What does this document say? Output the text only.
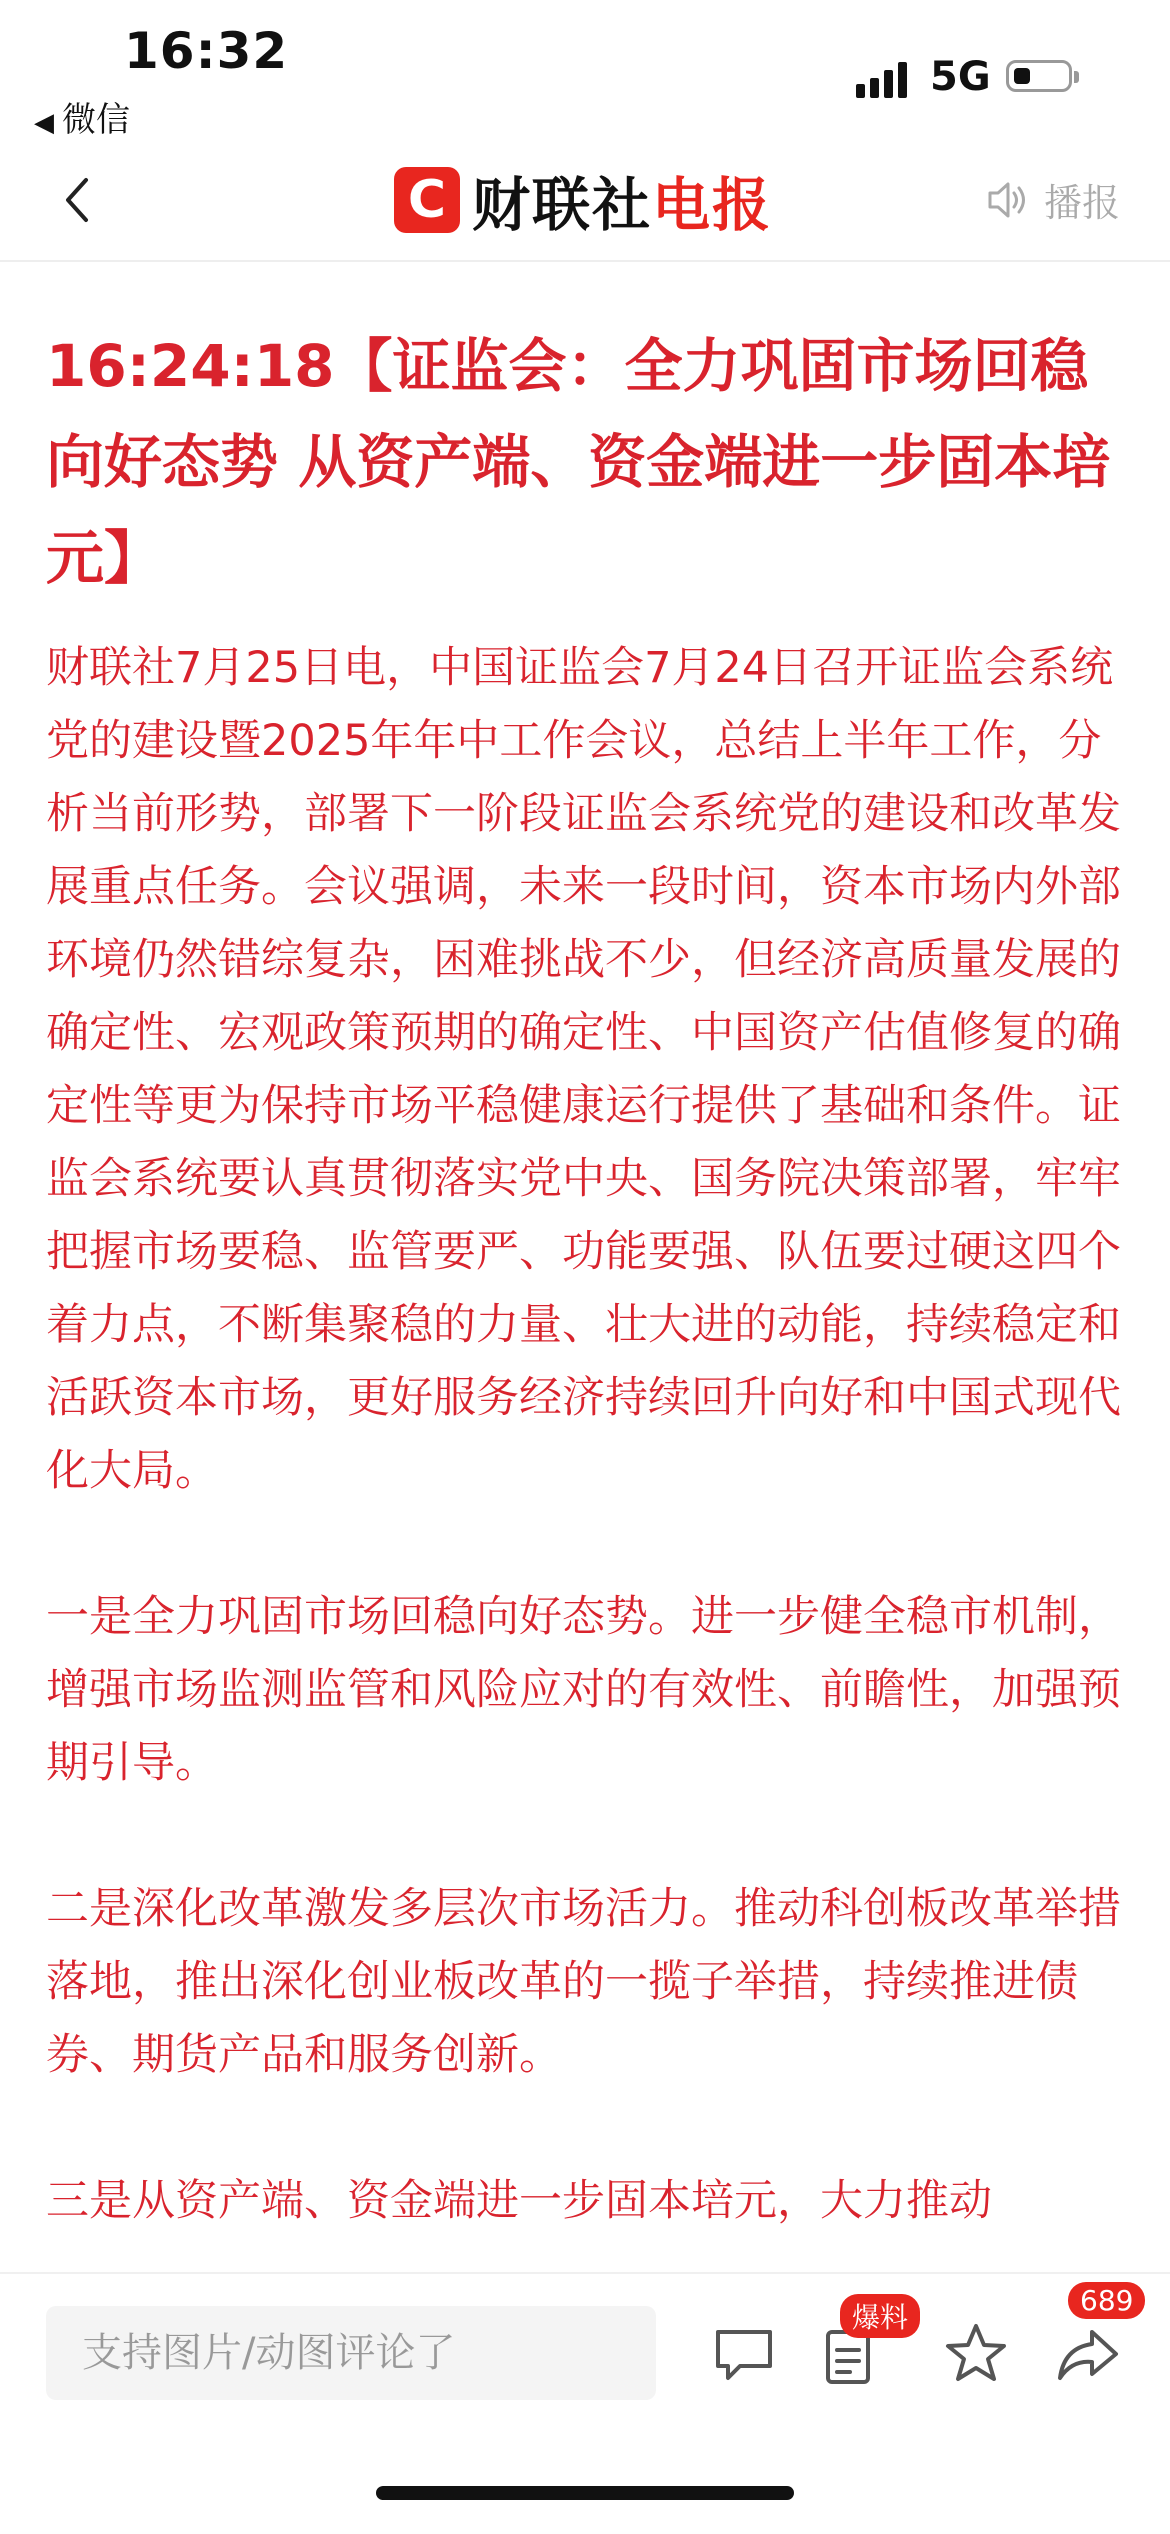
16:32
◀ 微信
5G
C 财联社 电报	播报
16:24:18【证监会：全力巩固市场回稳向好态势 从资产端、资金端进一步固本培元】

财联社7月25日电，中国证监会7月24日召开证监会系统党的建设暨2025年年中工作会议，总结上半年工作，分析当前形势，部署下一阶段证监会系统党的建设和改革发展重点任务。会议强调，未来一段时间，资本市场内外部环境仍然错综复杂，困难挑战不少，但经济高质量发展的确定性、宏观政策预期的确定性、中国资产估值修复的确定性等更为保持市场平稳健康运行提供了基础和条件。证监会系统要认真贯彻落实党中央、国务院决策部署，牢牢把握市场要稳、监管要严、功能要强、队伍要过硬这四个着力点，不断集聚稳的力量、壮大进的动能，持续稳定和活跃资本市场，更好服务经济持续回升向好和中国式现代化大局。

一是全力巩固市场回稳向好态势。进一步健全稳市机制，增强市场监测监管和风险应对的有效性、前瞻性，加强预期引导。

二是深化改革激发多层次市场活力。推动科创板改革举措落地，推出深化创业板改革的一揽子举措，持续推进债券、期货产品和服务创新。

三是从资产端、资金端进一步固本培元，大力推动

支持图片/动图评论了
爆料
689
